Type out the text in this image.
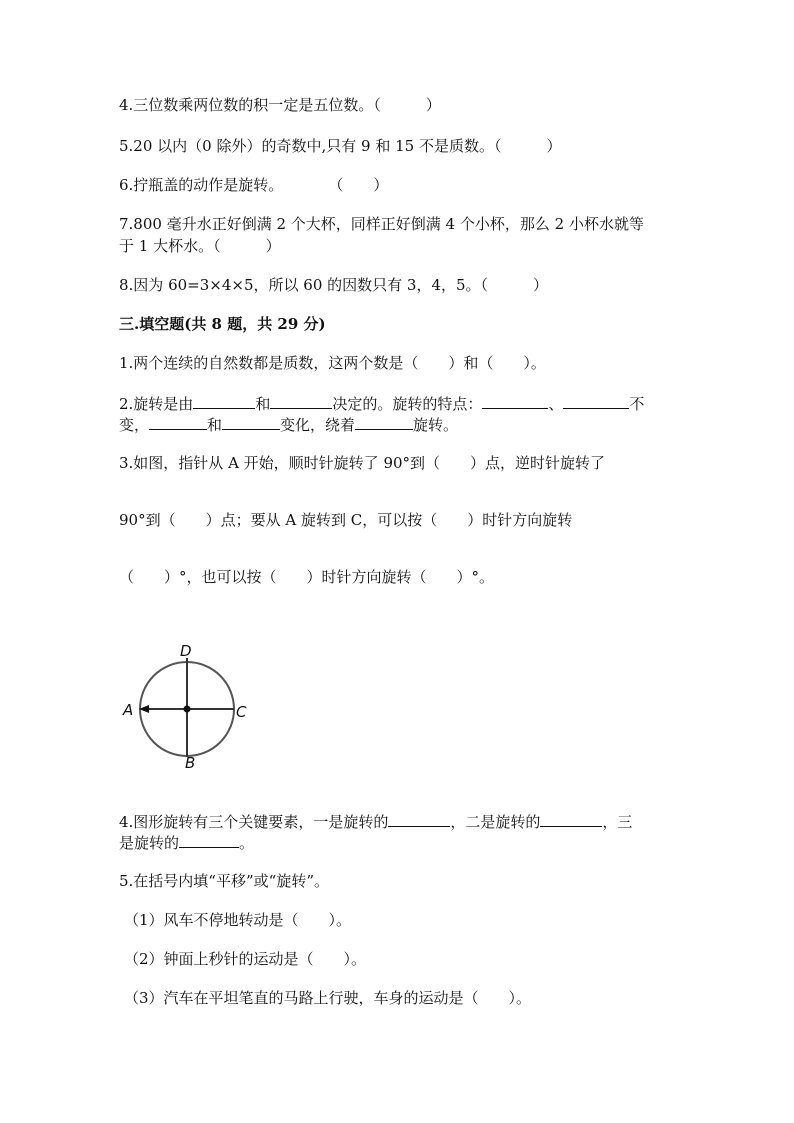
4.三位数乘两位数的积一定是五位数。（　　　）
5.20 以内（0 除外）的奇数中,只有 9 和 15 不是质数。（　　　）
6.拧瓶盖的动作是旋转。　　　　（　　）
7.800 毫升水正好倒满 2 个大杯，同样正好倒满 4 个小杯，那么 2 小杯水就等
于 1 大杯水。（　　　）
8.因为 60=3×4×5，所以 60 的因数只有 3，4，5。（　　　）
三.填空题(共 8 题，共 29 分)
1.两个连续的自然数都是质数，这两个数是（　　）和（　　）。
2.旋转是由	和	决定的。旋转的特点：	、	不
变，	和	变化，绕着	旋转。
3.如图，指针从 A 开始，顺时针旋转了 90°到（　　）点，逆时针旋转了
90°到（　　）点；要从 A 旋转到 C，可以按（　　）时针方向旋转
（　　）°，也可以按（　　）时针方向旋转（　　）°。
D
A	C
B
4.图形旋转有三个关键要素，一是旋转的	，二是旋转的	，三
是旋转的	。
5.在括号内填“平移”或“旋转”。
（1）风车不停地转动是（　　）。
（2）钟面上秒针的运动是（　　）。
（3）汽车在平坦笔直的马路上行驶，车身的运动是（　　）。
